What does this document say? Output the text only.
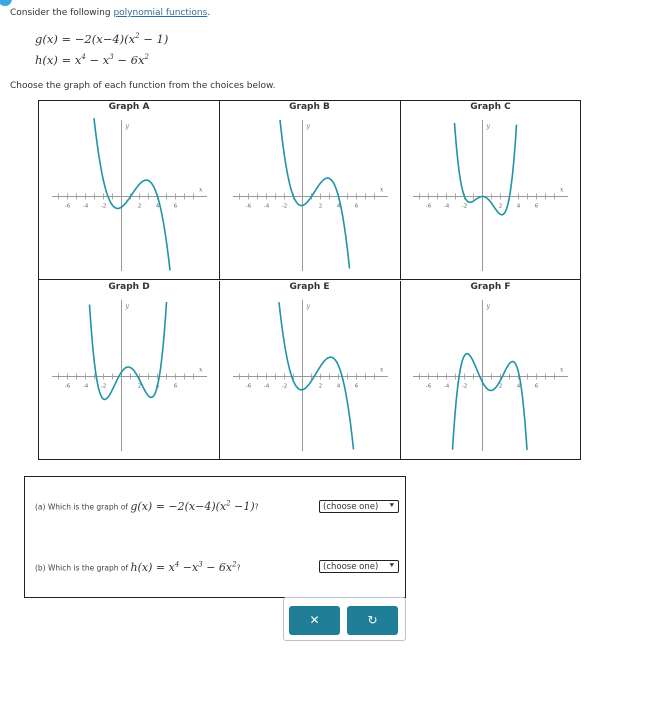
Consider the following polynomial functions.
$g(x) = -2(x-4)(x^2 - 1)$
$h(x) = x^4 - x^3 - 6x^2$
Choose the graph of each function from the choices below.
Graph A
-6 -4 -2	2	4	6
x
y
Graph B
-6 -4 -2	2	4	6
x
y
Graph C
-6 -4 -2	2	4	6
x
y
Graph D
-6 -4 -2	2	4	6
x
y
Graph E
-6 -4 -2	2	4	6
x
y
Graph F
-6 -4 -2	2	4	6
x
y
(a) Which is the graph of $g(x) = -2(x-4)(x^2 -1)$?	(choose one) ⯆
(b) Which is the graph of $h(x) = x^4 -x^3 - 6x^2$?	(choose one) ⯆
✕	↻
